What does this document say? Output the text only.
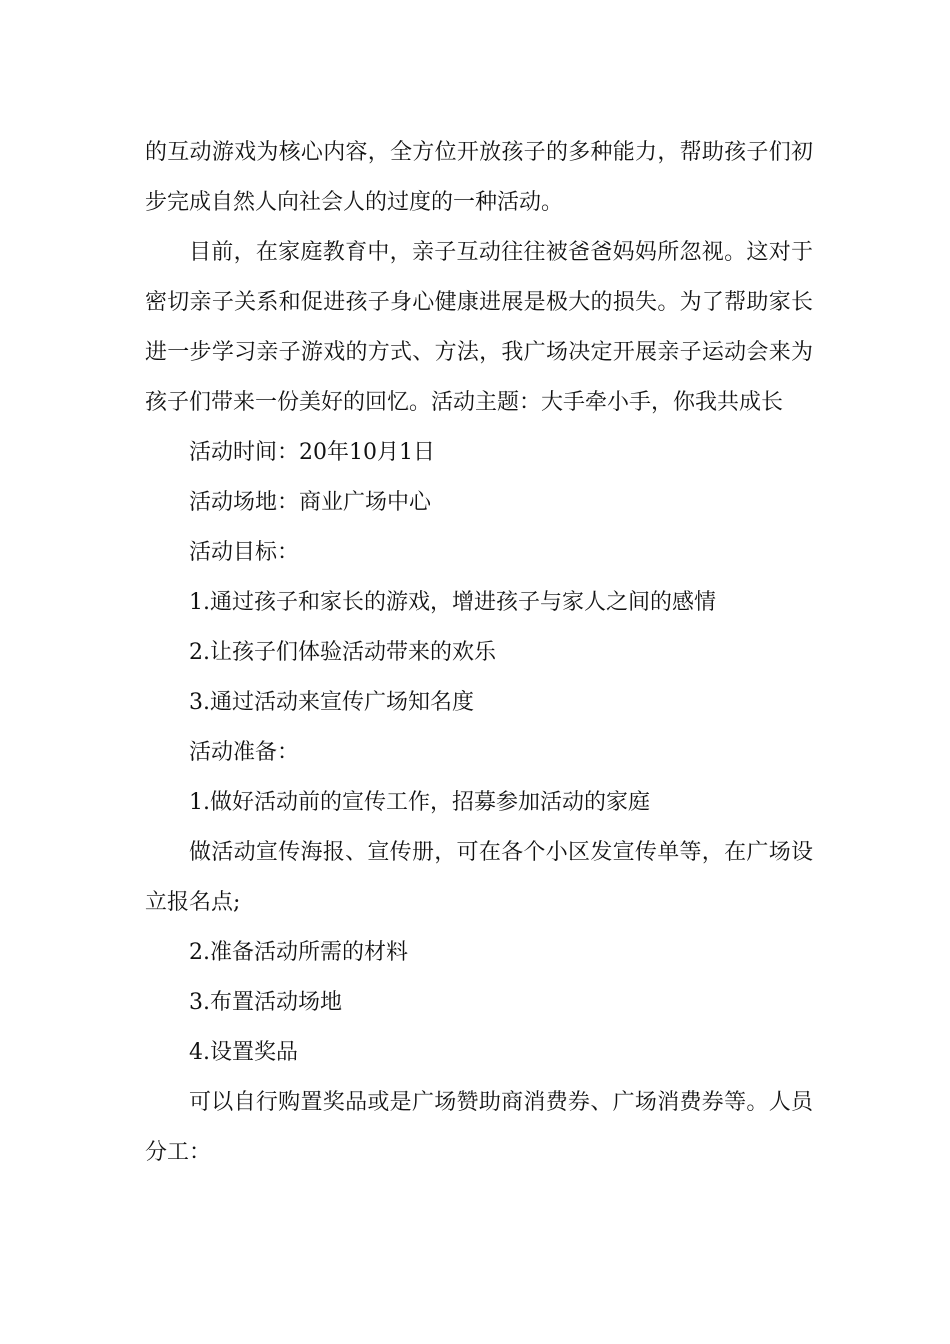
的互动游戏为核心内容，全方位开放孩子的多种能力，帮助孩子们初步完成自然人向社会人的过度的一种活动。

目前，在家庭教育中，亲子互动往往被爸爸妈妈所忽视。这对于密切亲子关系和促进孩子身心健康进展是极大的损失。为了帮助家长进一步学习亲子游戏的方式、方法，我广场决定开展亲子运动会来为孩子们带来一份美好的回忆。活动主题：大手牵小手，你我共成长

活动时间：20年10月1日

活动场地：商业广场中心

活动目标：

1.通过孩子和家长的游戏，增进孩子与家人之间的感情

2.让孩子们体验活动带来的欢乐

3.通过活动来宣传广场知名度

活动准备：

1.做好活动前的宣传工作，招募参加活动的家庭

做活动宣传海报、宣传册，可在各个小区发宣传单等，在广场设立报名点;

2.准备活动所需的材料

3.布置活动场地

4.设置奖品

可以自行购置奖品或是广场赞助商消费券、广场消费券等。人员分工：
